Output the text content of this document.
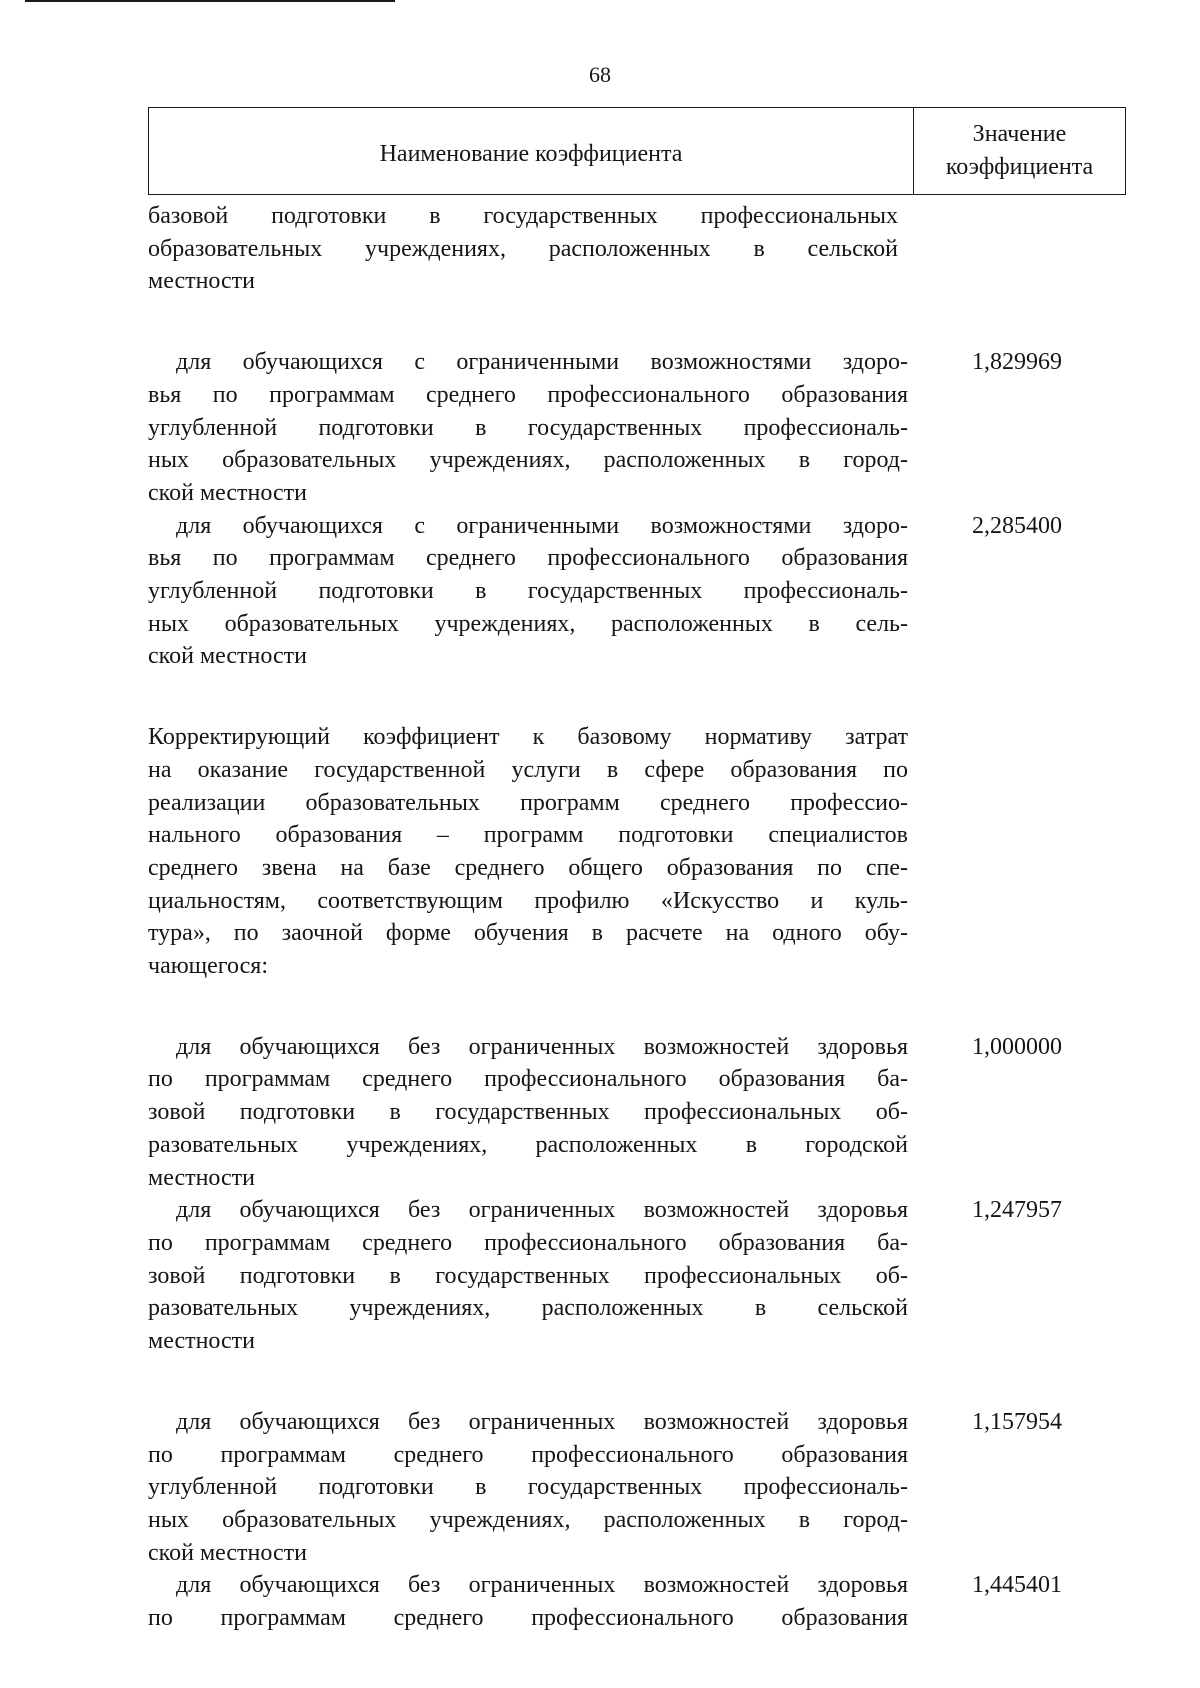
68
Наименование коэффициента
Значение
коэффициента
базовой подготовки в государственных профессиональных
образовательных учреждениях, расположенных в сельской
местности
для обучающихся с ограниченными возможностями здоро-
вья по программам среднего профессионального образования
углубленной подготовки в государственных профессиональ-
ных образовательных учреждениях, расположенных в город-
ской местности
1,829969
для обучающихся с ограниченными возможностями здоро-
вья по программам среднего профессионального образования
углубленной подготовки в государственных профессиональ-
ных образовательных учреждениях, расположенных в сель-
ской местности
2,285400
Корректирующий коэффициент к базовому нормативу затрат
на оказание государственной услуги в сфере образования по
реализации образовательных программ среднего профессио-
нального образования – программ подготовки специалистов
среднего звена на базе среднего общего образования по спе-
циальностям, соответствующим профилю «Искусство и куль-
тура», по заочной форме обучения в расчете на одного обу-
чающегося:
для обучающихся без ограниченных возможностей здоровья
по программам среднего профессионального образования ба-
зовой подготовки в государственных профессиональных об-
разовательных учреждениях, расположенных в городской
местности
1,000000
для обучающихся без ограниченных возможностей здоровья
по программам среднего профессионального образования ба-
зовой подготовки в государственных профессиональных об-
разовательных учреждениях, расположенных в сельской
местности
1,247957
для обучающихся без ограниченных возможностей здоровья
по программам среднего профессионального образования
углубленной подготовки в государственных профессиональ-
ных образовательных учреждениях, расположенных в город-
ской местности
1,157954
для обучающихся без ограниченных возможностей здоровья
по программам среднего профессионального образования
1,445401
